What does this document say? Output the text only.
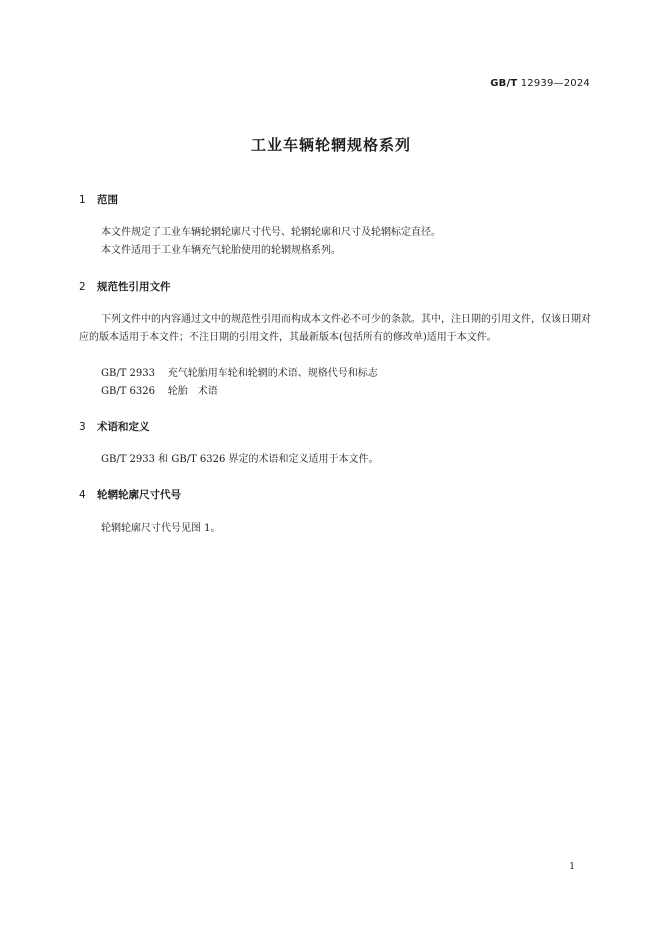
GB/T 12939—2024
工业车辆轮辋规格系列
1 范围
本文件规定了工业车辆轮辋轮廓尺寸代号、轮辋轮廓和尺寸及轮辋标定直径。
本文件适用于工业车辆充气轮胎使用的轮辋规格系列。
2 规范性引用文件
下列文件中的内容通过文中的规范性引用而构成本文件必不可少的条款。其中，注日期的引用文件，仅该日期对应的版本适用于本文件；不注日期的引用文件，其最新版本(包括所有的修改单)适用于本文件。
GB/T 2933 充气轮胎用车轮和轮辋的术语、规格代号和标志
GB/T 6326 轮胎　术语
3 术语和定义
GB/T 2933 和 GB/T 6326 界定的术语和定义适用于本文件。
4 轮辋轮廓尺寸代号
轮辋轮廓尺寸代号见图 1。
1
